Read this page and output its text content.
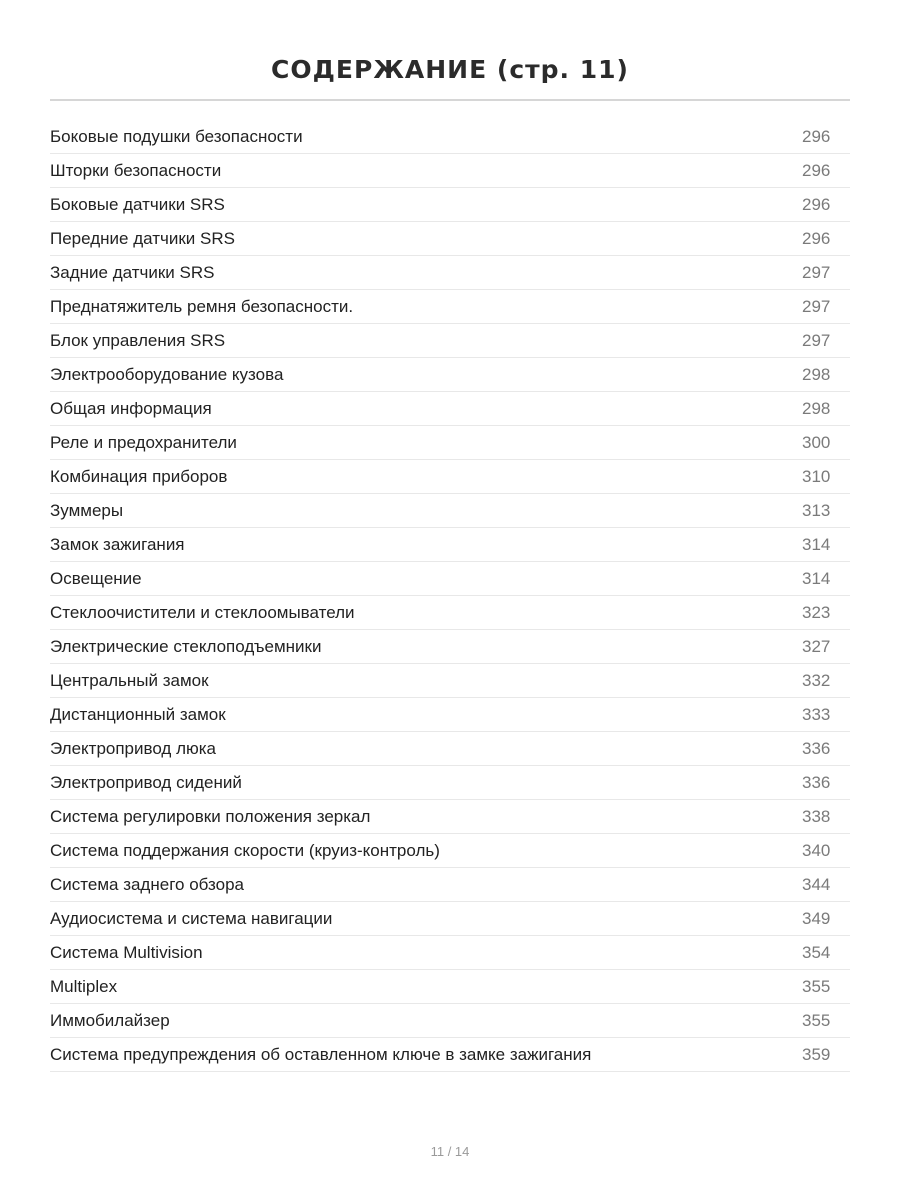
СОДЕРЖАНИЕ (стр. 11)
Боковые подушки безопасности	296
Шторки безопасности	296
Боковые датчики SRS	296
Передние датчики SRS	296
Задние датчики SRS	297
Преднатяжитель ремня безопасности.	297
Блок управления SRS	297
Электрооборудование кузова	298
Общая информация	298
Реле и предохранители	300
Комбинация приборов	310
Зуммеры	313
Замок зажигания	314
Освещение	314
Стеклоочистители и стеклоомыватели	323
Электрические стеклоподъемники	327
Центральный замок	332
Дистанционный замок	333
Электропривод люка	336
Электропривод сидений	336
Система регулировки положения зеркал	338
Система поддержания скорости (круиз-контроль)	340
Система заднего обзора	344
Аудиосистема и система навигации	349
Система Multivision	354
Multiplex	355
Иммобилайзер	355
Система предупреждения об оставленном ключе в замке зажигания	359
11 / 14
